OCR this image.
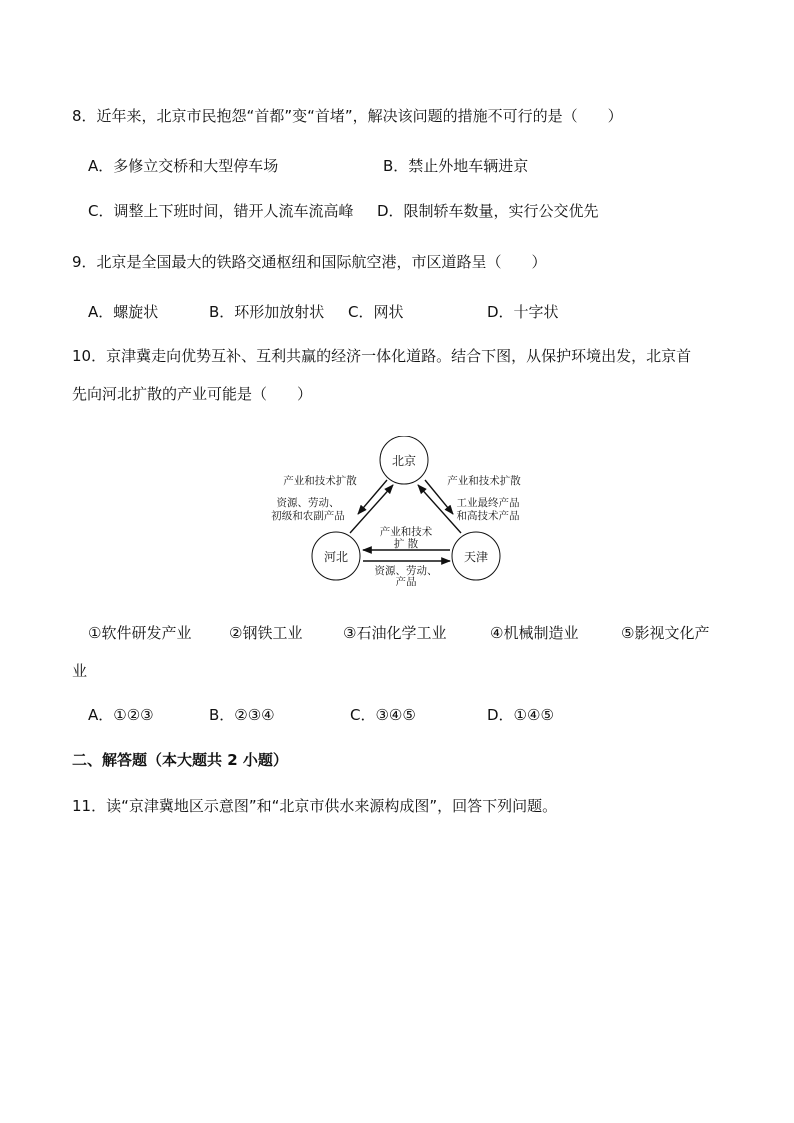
8．近年来，北京市民抱怨“首都”变“首堵”，解决该问题的措施不可行的是（　　）
A．多修立交桥和大型停车场	B．禁止外地车辆进京
C．调整上下班时间，错开人流车流高峰 D．限制轿车数量，实行公交优先
9．北京是全国最大的铁路交通枢纽和国际航空港，市区道路呈（　　）
A．螺旋状	B．环形加放射状 C．网状	D．十字状
10．京津冀走向优势互补、互利共赢的经济一体化道路。结合下图，从保护环境出发，北京首
先向河北扩散的产业可能是（　　）
北京
河北	天津
产业和技术扩散
资源、劳动、
初级和农副产品
产业和技术扩散
工业最终产品
和高技术产品
产业和技术
扩 散
资源、劳动、
产品
①软件研发产业	②钢铁工业	③石油化学工业	④机械制造业	⑤影视文化产
业
A．①②③	B．②③④	C．③④⑤	D．①④⑤
二、解答题（本大题共 2 小题）
11．读“京津冀地区示意图”和“北京市供水来源构成图”，回答下列问题。
